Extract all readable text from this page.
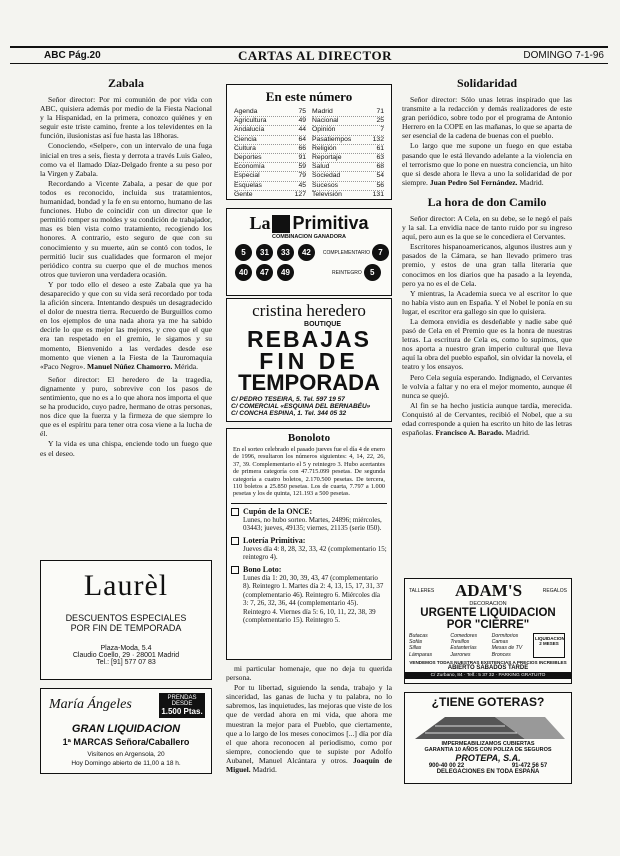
ABC Pág.20	CARTAS AL DIRECTOR	DOMINGO 7-1-96
Zabala

Señor director: Por mi comunión de por vida con ABC, quisiera además por medio de la Fiesta Nacional y la Hispanidad, en la primera, conozco quiénes y en seguir este triste camino, frente a los televidentes en la función, ilusionistas así fue hasta las 18horas.

Conociendo, «Selper», con un intervalo de una fuga inicial en tres a seis, fiesta y derrota a través Luis Galeo, como va el llamado Díaz-Delgado frente a su peso por la Virgen y Zabala.

Recordando a Vicente Zabala, a pesar de que por todos es reconocido, incluida sus tratamientos, humanidad, bondad y la fe en su entorno, humano de las funciones. Hubo de coincidir con un director que le permitió romper su moldes y su condición de trabajador, mas es bien vista como tratamiento, recogiendo los honores. A contrario, esto seguro de que con su conocimiento y su muerte, aún se contó con todos, le permitió lucir sus cualidades que formaron el mejor periódico contra su cuerpo que el de muchos menos otros que tuvieron una verdadera ocasión.

Y por todo ello el deseo a este Zabala que ya ha desaparecido y que con su vida será recordado por toda la afición sincera. Intentando después un desagradecido el dolor de nuestra tierra. Recuerdo de Burguillos como en los ejemplos de una nada ahora ya me ha sabido decirle lo que es mejor las mejores, y creo que el que era tan respetado en el gremio, le sigamos y su momento, Bienvenido a las verdades desde ese momento que vienen a la Fiesta de la Tauromaquia «Paco Negro». Manuel Núñez Chamorro. Mérida.

Señor director: El heredero de la tragedia, dignamente y puro, sobrevive con los pasos de sentimiento, que no es a lo que ahora nos importa el que se ha producido, cuyo padre, hermano de otras personas, nos dice que la fuerza y la firmeza de que siempre lo que es el espíritu para tener otra cosa viene a la lucha de él.

Y la vida es una chispa, enciende todo un fuego que es el deseo.

Laurèl
DESCUENTOS ESPECIALES
POR FIN DE TEMPORADA
Plaza-Moda, 5.4
Claudio Coello, 29 · 28001 Madrid
Tel.: [91] 577 07 83
María Ángeles	PRENDAS DESDE
1.500 Ptas.
GRAN LIQUIDACION
1ª MARCAS Señora/Caballero
Visítenos en Argensola, 20
Hoy Domingo abierto de 11,00 a 18 h.
En este número
Agenda	75
Agricultura	49
Andalucía	44
Ciencia	64
Cultura	66
Deportes	91
Economía	59
Especial	79
Esquelas	45
Gente	127
Madrid	71
Nacional	25
Opinión	7
Pasatiempos	132
Religión	61
Reportaje	63
Salud	68
Sociedad	54
Sucesos	56
Televisión	131
La Primitiva
COMBINACION GANADORA
5	31	33	42	COMPLEMENTARIO	7
40	47	49	REINTEGRO	5
cristina heredero
BOUTIQUE
REBAJAS
FIN DE
TEMPORADA
C/ PEDRO TESEIRA, 5. Tel. 597 19 57
C/ COMERCIAL «ESQUINA DEL BERNABÉU»
C/ CONCHA ESPINA, 1. Tel. 344 05 32
Bonoloto
En el sorteo celebrado el pasado jueves fue el día 4 de enero de 1996, resultaron los números siguientes: 4, 14, 22, 26, 37, 39. Complementario el 5 y reintegro 3. Hubo acertantes de primera categoría con 47.715.099 pesetas. De segunda categoría a cuatro boletos, 2.170.500 pesetas. De tercera, 110 boletos a 25.850 pesetas. Los de cuarta, 7.797 a 1.000 pesetas y los de quinta, 121.193 a 500 pesetas.
Cupón de la ONCE:
Lunes, no hubo sorteo. Martes, 24896; miércoles, 03443; jueves, 49135; viernes, 21135 (serie 050).
Lotería Primitiva:
Jueves día 4: 8, 28, 32, 33, 42 (complementario 15; reintegro 4).
Bono Loto:
Lunes día 1: 20, 30, 39, 43, 47 (complementario 8). Reintegro 1. Martes día 2: 4, 13, 15, 17, 31, 37 (complementario 46). Reintegro 6. Miércoles día 3: 7, 26, 32, 36, 44 (complementario 45). Reintegro 4. Viernes día 5: 6, 10, 11, 22, 38, 39 (complementario 15). Reintegro 5.

mi particular homenaje, que no deja tu querida persona.

Por tu libertad, siguiendo la senda, trabajo y la sinceridad, las ganas de lucha y tu palabra, no lo sabremos, las inquietudes, las mejoras que viste de los que de verdad ahora en mi vida, que ahora me muestran la mejor para el Pueblo, que ciertamente, que a lo largo de los meses conocimos [...] día por día el que ahora reconocen al periodismo, como por siempre, conociendo que te supiste por Adolfo Aubanel, Manuel Alcántara y otros. Joaquín de Miguel. Madrid.

Solidaridad

Señor director: Sólo unas letras inspirado que las transmite a la redacción y demás realizadores de este gran periódico, sobre todo por el programa de Antonio Herrero en la COPE en las mañanas, lo que se aparta de ser esencial de la cadena de buenas con el pueblo.

Lo largo que me supone un fuego en que estaba pasando que le está llevando adelante a la violencia en el terrorismo que lo pone en nuestra conciencia, un hito que si desde ahora le lleva a uno la solidaridad de por siempre. Juan Pedro Sol Fernández. Madrid.

La hora de don Camilo

Señor director: A Cela, en su debe, se le negó el país y la sal. La envidia nace de tanto ruido por su ingreso aquí, pero aun es la que se le concediera el Cervantes.

Escritores hispanoamericanos, algunos ilustres aun y pasados de la Cámara, se han llevado primero tras premio, y estos de una gran talla literaria que conocimos en los diarios que ha pasado a la leyenda, pero ya no es el de Cela.

Y mientras, la Academia sueca ve al escritor lo que no había visto aun en España. Y el Nobel le ponía en su lugar, el escritor era gallego sin que lo quisiera.

La demora envidia es desdeñable y nadie sabe qué pasó de Cela en el Premio que es la honra de nuestras letras. La escritura de Cela es, como lo supimos, que nos aporta a nuestro gran imperio cultural que lleva aquí la obra del pueblo español, sin olvidar la novela, el teatro y los ensayos.

Pero Cela seguía esperando. Indignado, el Cervantes le volvía a faltar y no era el mejor momento, aunque él nunca se quejó.

Al fin se ha hecho justicia aunque tardía, merecida. Conquistó al de Cervantes, recibió el Nobel, que a su edad corresponde a quien ha escrito un hito de las letras españolas. Francisco A. Barado. Madrid.

TALLERES ADAM'S	REGALOS
DECORACION
URGENTE LIQUIDACION
POR "CIERRE"
Butacas	Comedores	Dormitorios
Sofás	Tresillos	Camas
Sillas	Estanterías	Mesas de TV
Lámparas	Jarrones	Bronces
LIQUIDACION 2 MESES
VENDEMOS TODAS NUESTRAS EXISTENCIAS A PRECIOS INCREIBLES
ABIERTO SABADOS TARDE
C/ Zurbano, 84 · Telf.: 5 37 32 · PARKING GRATUITO
¿TIENE GOTERAS?
IMPERMEABILIZAMOS CUBIERTAS
GARANTIA 10 AÑOS CON POLIZA DE SEGUROS
PROTEPA, S.A.
900-40 00 22	91-472 56 57
DELEGACIONES EN TODA ESPAÑA
